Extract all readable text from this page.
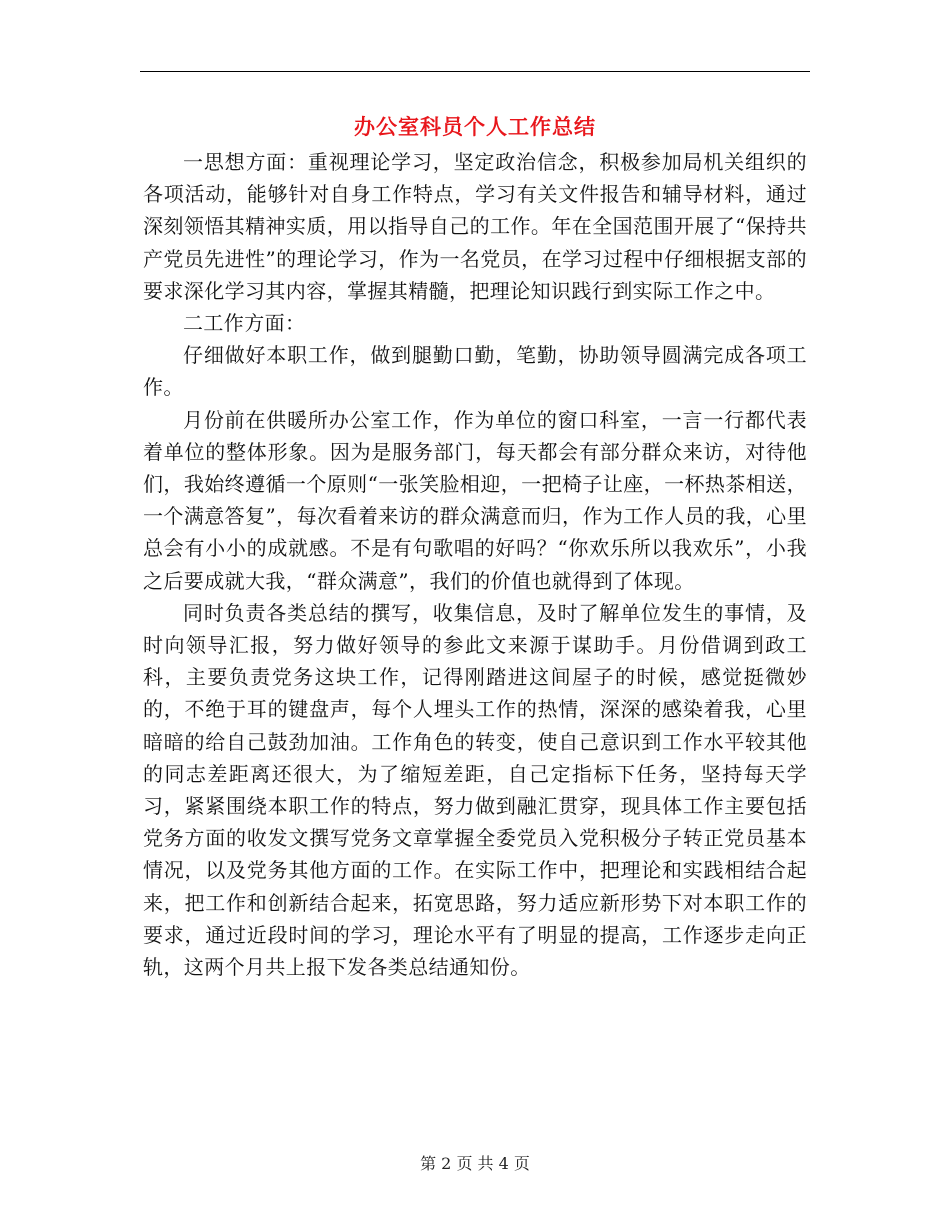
办公室科员个人工作总结

一思想方面：重视理论学习，坚定政治信念，积极参加局机关组织的各项活动，能够针对自身工作特点，学习有关文件报告和辅导材料，通过深刻领悟其精神实质，用以指导自己的工作。年在全国范围开展了“保持共产党员先进性”的理论学习，作为一名党员，在学习过程中仔细根据支部的要求深化学习其内容，掌握其精髓，把理论知识践行到实际工作之中。

二工作方面：

仔细做好本职工作，做到腿勤口勤，笔勤，协助领导圆满完成各项工作。

月份前在供暖所办公室工作，作为单位的窗口科室，一言一行都代表着单位的整体形象。因为是服务部门，每天都会有部分群众来访，对待他们，我始终遵循一个原则“一张笑脸相迎，一把椅子让座，一杯热茶相送，一个满意答复”，每次看着来访的群众满意而归，作为工作人员的我，心里总会有小小的成就感。不是有句歌唱的好吗？“你欢乐所以我欢乐”，小我之后要成就大我，“群众满意”，我们的价值也就得到了体现。

同时负责各类总结的撰写，收集信息，及时了解单位发生的事情，及时向领导汇报，努力做好领导的参此文来源于谋助手。月份借调到政工科，主要负责党务这块工作，记得刚踏进这间屋子的时候，感觉挺微妙的，不绝于耳的键盘声，每个人埋头工作的热情，深深的感染着我，心里暗暗的给自己鼓劲加油。工作角色的转变，使自己意识到工作水平较其他的同志差距离还很大，为了缩短差距，自己定指标下任务，坚持每天学习，紧紧围绕本职工作的特点，努力做到融汇贯穿，现具体工作主要包括党务方面的收发文撰写党务文章掌握全委党员入党积极分子转正党员基本情况，以及党务其他方面的工作。在实际工作中，把理论和实践相结合起来，把工作和创新结合起来，拓宽思路，努力适应新形势下对本职工作的要求，通过近段时间的学习，理论水平有了明显的提高，工作逐步走向正轨，这两个月共上报下发各类总结通知份。

第 2 页 共 4 页
